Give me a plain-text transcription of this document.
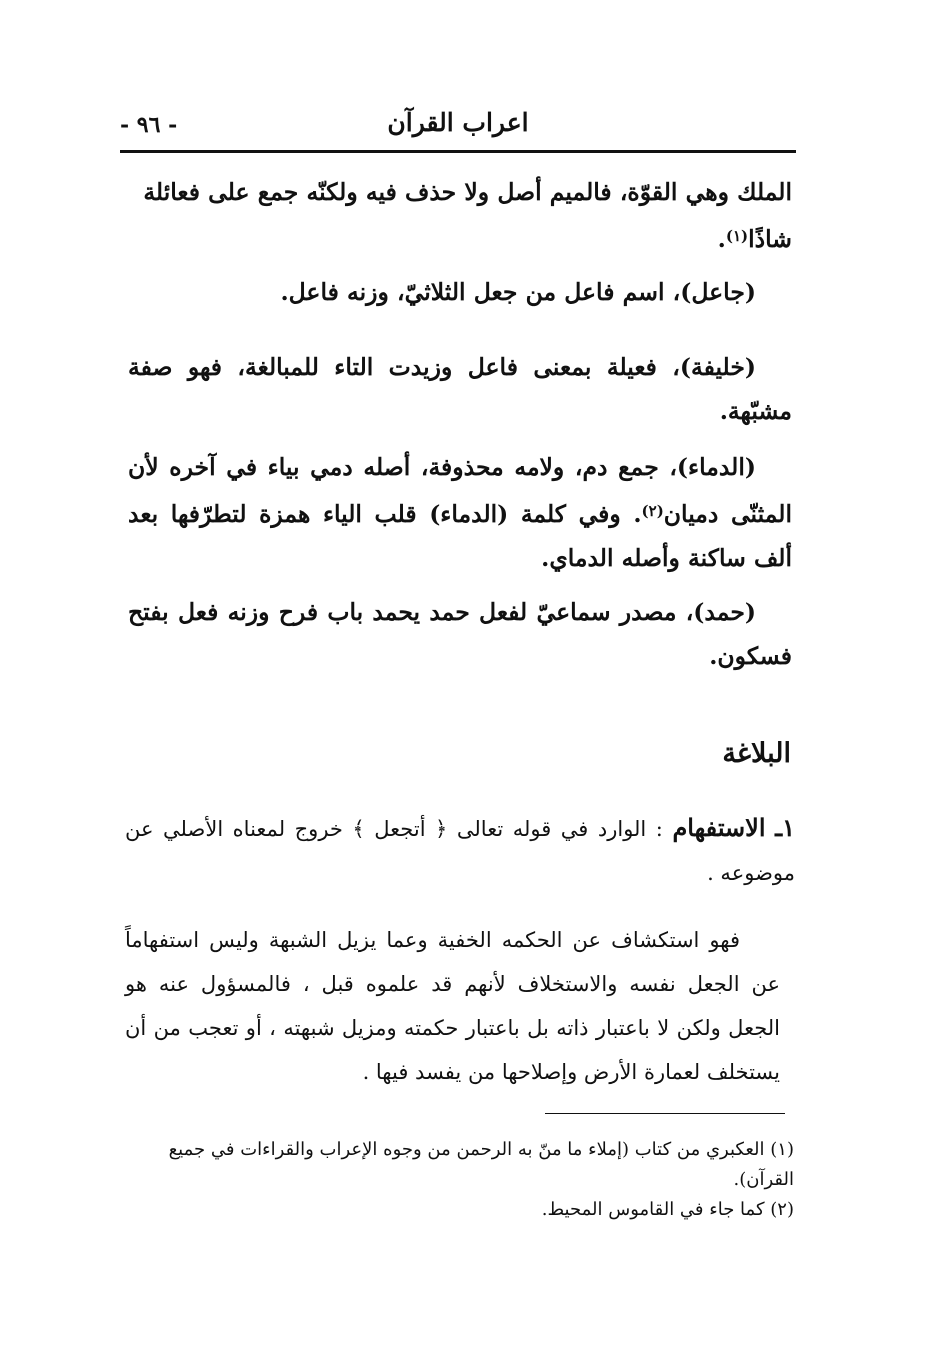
اعراب القرآن
- ٩٦ -
الملك وهي القوّة، فالميم أصل ولا حذف فيه ولكنّه جمع على فعائلة
شاذًا$^{(١)}$.
(جاعل)، اسم فاعل من جعل الثلاثيّ، وزنه فاعل.
(خليفة)، فعيلة بمعنى فاعل وزيدت التاء للمبالغة، فهو صفة مشبّهة.
(الدماء)، جمع دم، ولامه محذوفة، أصله دمي بياء في آخره لأن المثنّى دميان$^{(٢)}$. وفي كلمة (الدماء) قلب الياء همزة لتطرّفها بعد ألف ساكنة وأصله الدماي.
(حمد)، مصدر سماعيّ لفعل حمد يحمد باب فرح وزنه فعل بفتح فسكون.
البلاغة
١ـ الاستفهام : الوارد في قوله تعالى ﴿ أتجعل ﴾ خروج لمعناه الأصلي عن موضوعه .
فهو استكشاف عن الحكمه الخفية وعما يزيل الشبهة وليس استفهاماً عن الجعل نفسه والاستخلاف لأنهم قد علموه قبل ، فالمسؤول عنه هو الجعل ولكن لا باعتبار ذاته بل باعتبار حكمته ومزيل شبهته ، أو تعجب من أن يستخلف لعمارة الأرض وإصلاحها من يفسد فيها .

(١) العكبري من كتاب (إملاء ما منّ به الرحمن من وجوه الإعراب والقراءات في جميع القرآن).

(٢) كما جاء في القاموس المحيط.
